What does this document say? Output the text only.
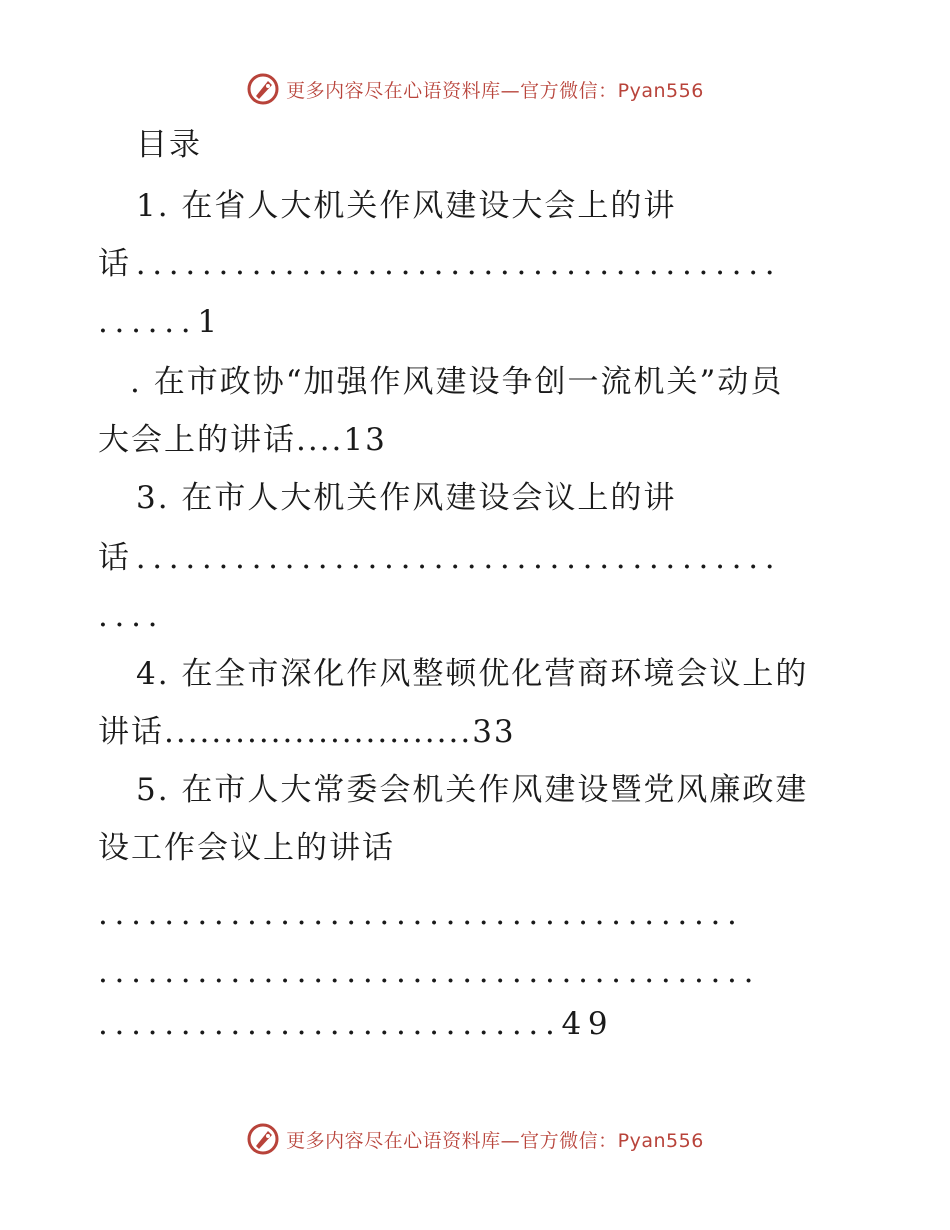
更多内容尽在心语资料库—官方微信：Pyan556
目录
1. 在省人大机关作风建设大会上的讲
话.......................................
......1
. 在市政协“加强作风建设争创一流机关”动员
大会上的讲话....13
3. 在市人大机关作风建设会议上的讲
话.......................................
....
4. 在全市深化作风整顿优化营商环境会议上的
讲话..........................33
5. 在市人大常委会机关作风建设暨党风廉政建
设工作会议上的讲话
.......................................
........................................
............................49
更多内容尽在心语资料库—官方微信：Pyan556
